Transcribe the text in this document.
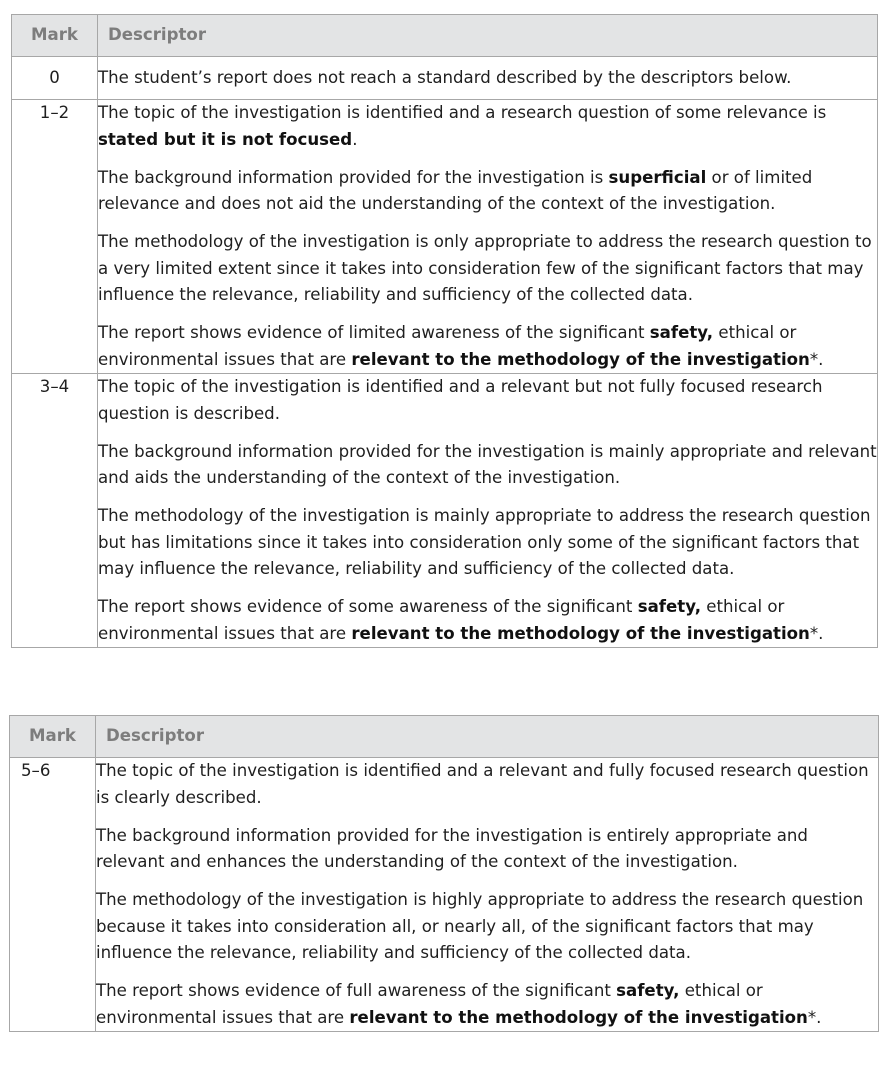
Mark	Descriptor
0	The student’s report does not reach a standard described by the descriptors below.

1–2	The topic of the investigation is identified and a research question of some relevance is stated but it is not focused.

The background information provided for the investigation is superficial or of limited relevance and does not aid the understanding of the context of the investigation.

The methodology of the investigation is only appropriate to address the research question to a very limited extent since it takes into consideration few of the significant factors that may influence the relevance, reliability and sufficiency of the collected data.

The report shows evidence of limited awareness of the significant safety, ethical or environmental issues that are relevant to the methodology of the investigation*.

3–4	The topic of the investigation is identified and a relevant but not fully focused research question is described.

The background information provided for the investigation is mainly appropriate and relevant and aids the understanding of the context of the investigation.

The methodology of the investigation is mainly appropriate to address the research question but has limitations since it takes into consideration only some of the significant factors that may influence the relevance, reliability and sufficiency of the collected data.

The report shows evidence of some awareness of the significant safety, ethical or environmental issues that are relevant to the methodology of the investigation*.

Mark	Descriptor
5–6	The topic of the investigation is identified and a relevant and fully focused research question is clearly described.

The background information provided for the investigation is entirely appropriate and relevant and enhances the understanding of the context of the investigation.

The methodology of the investigation is highly appropriate to address the research question because it takes into consideration all, or nearly all, of the significant factors that may influence the relevance, reliability and sufficiency of the collected data.

The report shows evidence of full awareness of the significant safety, ethical or environmental issues that are relevant to the methodology of the investigation*.
